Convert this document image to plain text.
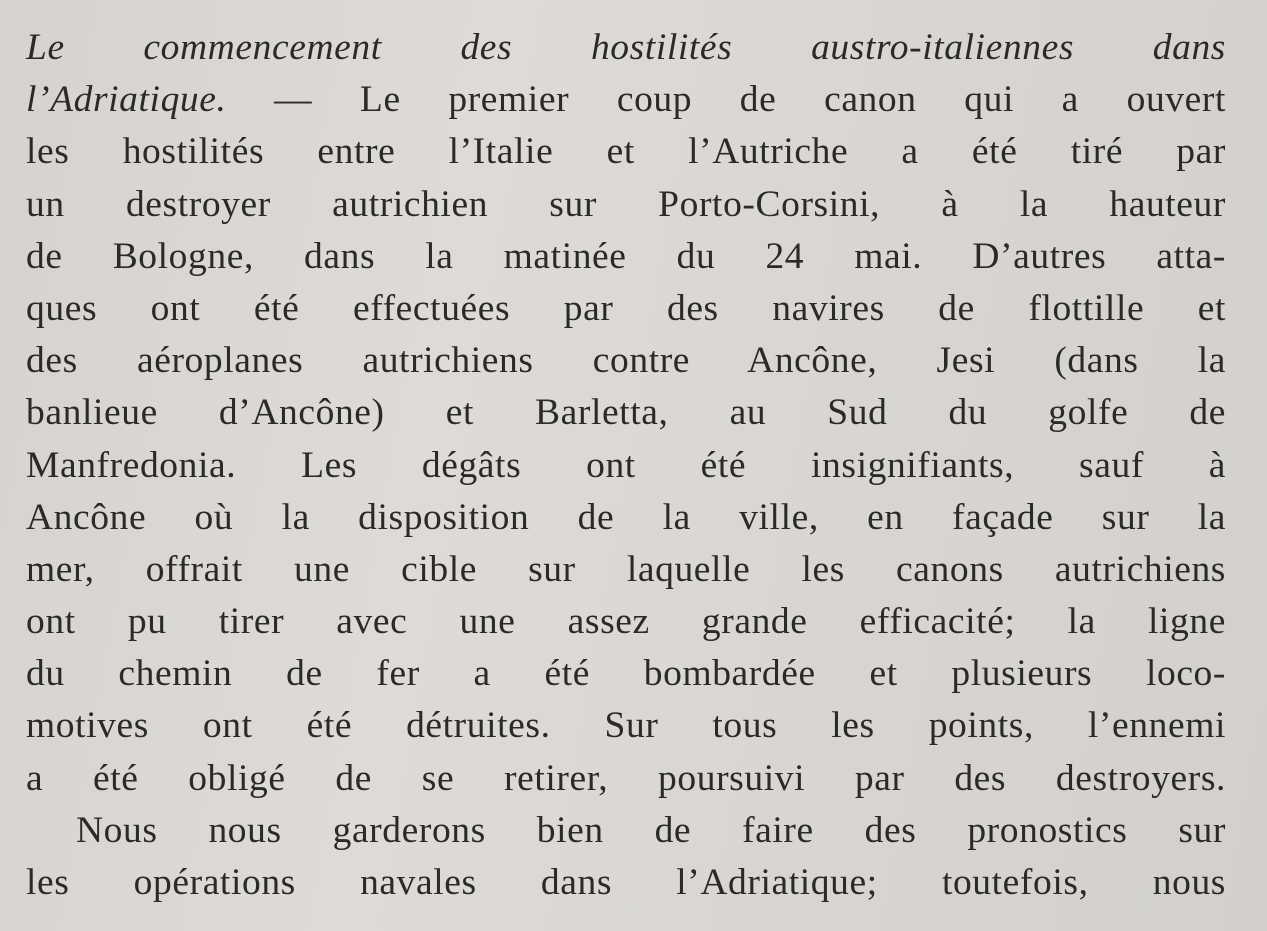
Le commencement des hostilités austro-italiennes dans
l’Adriatique. — Le premier coup de canon qui a ouvert
les hostilités entre l’Italie et l’Autriche a été tiré par
un destroyer autrichien sur Porto-Corsini, à la hauteur
de Bologne, dans la matinée du 24 mai. D’autres atta-
ques ont été effectuées par des navires de flottille et
des aéroplanes autrichiens contre Ancône, Jesi (dans la
banlieue d’Ancône) et Barletta, au Sud du golfe de
Manfredonia. Les dégâts ont été insignifiants, sauf à
Ancône où la disposition de la ville, en façade sur la
mer, offrait une cible sur laquelle les canons autrichiens
ont pu tirer avec une assez grande efficacité; la ligne
du chemin de fer a été bombardée et plusieurs loco-
motives ont été détruites. Sur tous les points, l’ennemi
a été obligé de se retirer, poursuivi par des destroyers.
Nous nous garderons bien de faire des pronostics sur
les opérations navales dans l’Adriatique; toutefois, nous
